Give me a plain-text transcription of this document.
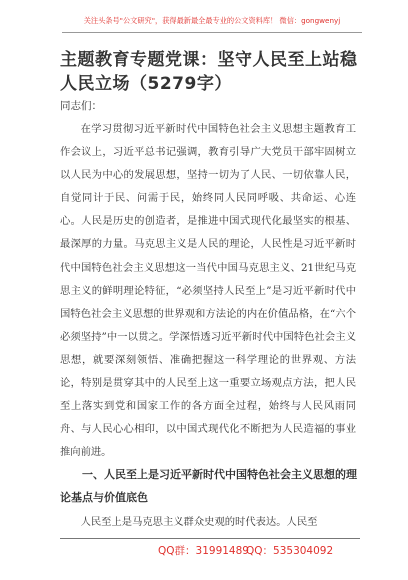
关注头条号"公文研究"，获得最新最全最专业的公文资料库！ 微信：gongwenyj
主题教育专题党课：坚守人民至上站稳人民立场（5279字）
同志们：

在学习贯彻习近平新时代中国特色社会主义思想主题教育工作会议上，习近平总书记强调，教育引导广大党员干部牢固树立以人民为中心的发展思想，坚持一切为了人民、一切依靠人民，自觉同计于民、问需于民，始终同人民同呼吸、共命运、心连心。人民是历史的创造者，是推进中国式现代化最坚实的根基、最深厚的力量。马克思主义是人民的理论，人民性是习近平新时代中国特色社会主义思想这一当代中国马克思主义、21世纪马克思主义的鲜明理论特征，“必须坚持人民至上”是习近平新时代中国特色社会主义思想的世界观和方法论的内在价值品格，在“六个必须坚持”中一以贯之。学深悟透习近平新时代中国特色社会主义思想，就要深刻领悟、准确把握这一科学理论的世界观、方法论，特别是贯穿其中的人民至上这一重要立场观点方法，把人民至上落实到党和国家工作的各方面全过程，始终与人民风雨同舟、与人民心心相印，以中国式现代化不断把为人民造福的事业推向前进。

一、人民至上是习近平新时代中国特色社会主义思想的理论基点与价值底色

人民至上是马克思主义群众史观的时代表达。人民至

QQ群：31991489
QQ：535304092
